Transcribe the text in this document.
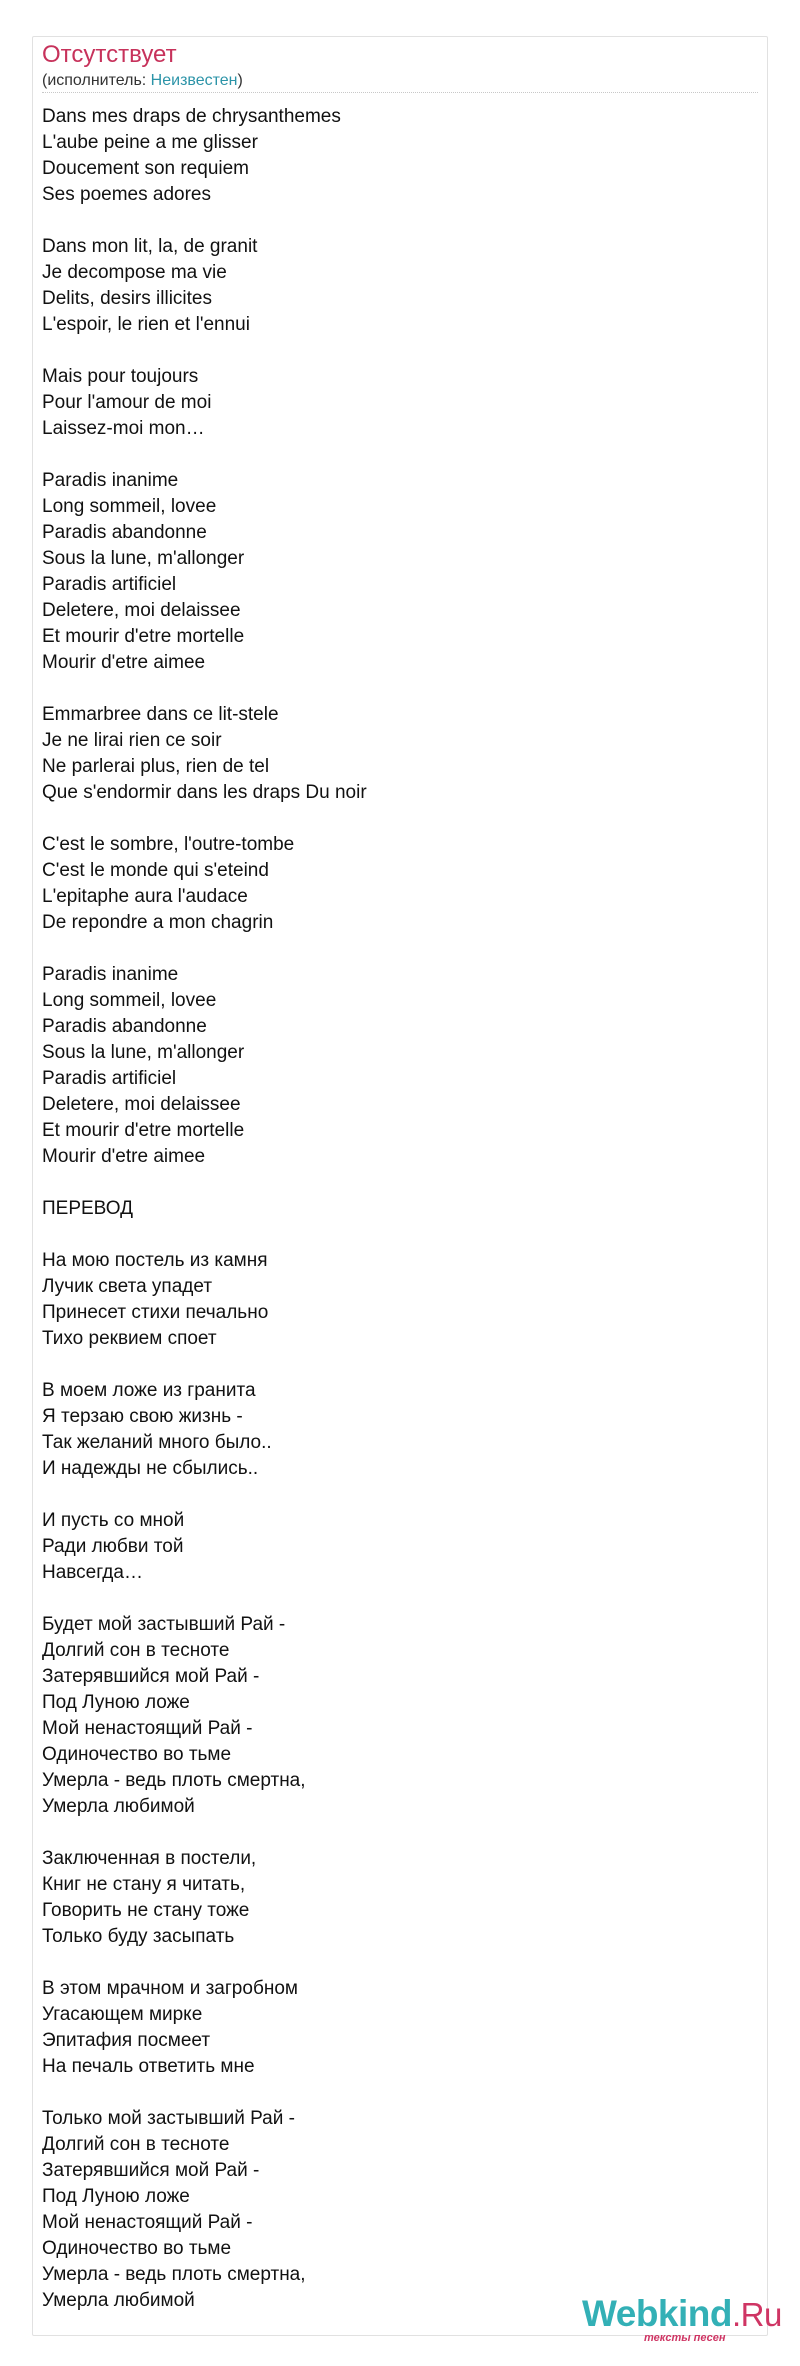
Отсутствует
(исполнитель: Неизвестен)
Dans mes draps de chrysanthemes
L'aube peine a me glisser
Doucement son requiem
Ses poemes adores
Dans mon lit, la, de granit
Je decompose ma vie
Delits, desirs illicites
L'espoir, le rien et l'ennui
Mais pour toujours
Pour l'amour de moi
Laissez-moi mon…
Paradis inanime
Long sommeil, lovee
Paradis abandonne
Sous la lune, m'allonger
Paradis artificiel
Deletere, moi delaissee
Et mourir d'etre mortelle
Mourir d'etre aimee
Emmarbree dans ce lit-stele
Je ne lirai rien ce soir
Ne parlerai plus, rien de tel
Que s'endormir dans les draps Du noir
C'est le sombre, l'outre-tombe
C'est le monde qui s'eteind
L'epitaphe aura l'audace
De repondre a mon chagrin
Paradis inanime
Long sommeil, lovee
Paradis abandonne
Sous la lune, m'allonger
Paradis artificiel
Deletere, moi delaissee
Et mourir d'etre mortelle
Mourir d'etre aimee
ПЕРЕВОД
На мою постель из камня
Лучик света упадет
Принесет стихи печально
Тихо реквием споет
В моем ложе из гранита
Я терзаю свою жизнь -
Так желаний много было..
И надежды не сбылись..
И пусть со мной
Ради любви той
Навсегда…
Будет мой застывший Рай -
Долгий сон в тесноте
Затерявшийся мой Рай -
Под Луною ложе
Мой ненастоящий Рай -
Одиночество во тьме
Умерла - ведь плоть смертна,
Умерла любимой
Заключенная в постели,
Книг не стану я читать,
Говорить не стану тоже
Только буду засыпать
В этом мрачном и загробном
Угасающем мирке
Эпитафия посмеет
На печаль ответить мне
Только мой застывший Рай -
Долгий сон в тесноте
Затерявшийся мой Рай -
Под Луною ложе
Мой ненастоящий Рай -
Одиночество во тьме
Умерла - ведь плоть смертна,
Умерла любимой	Webkind.Ru
тексты песен
